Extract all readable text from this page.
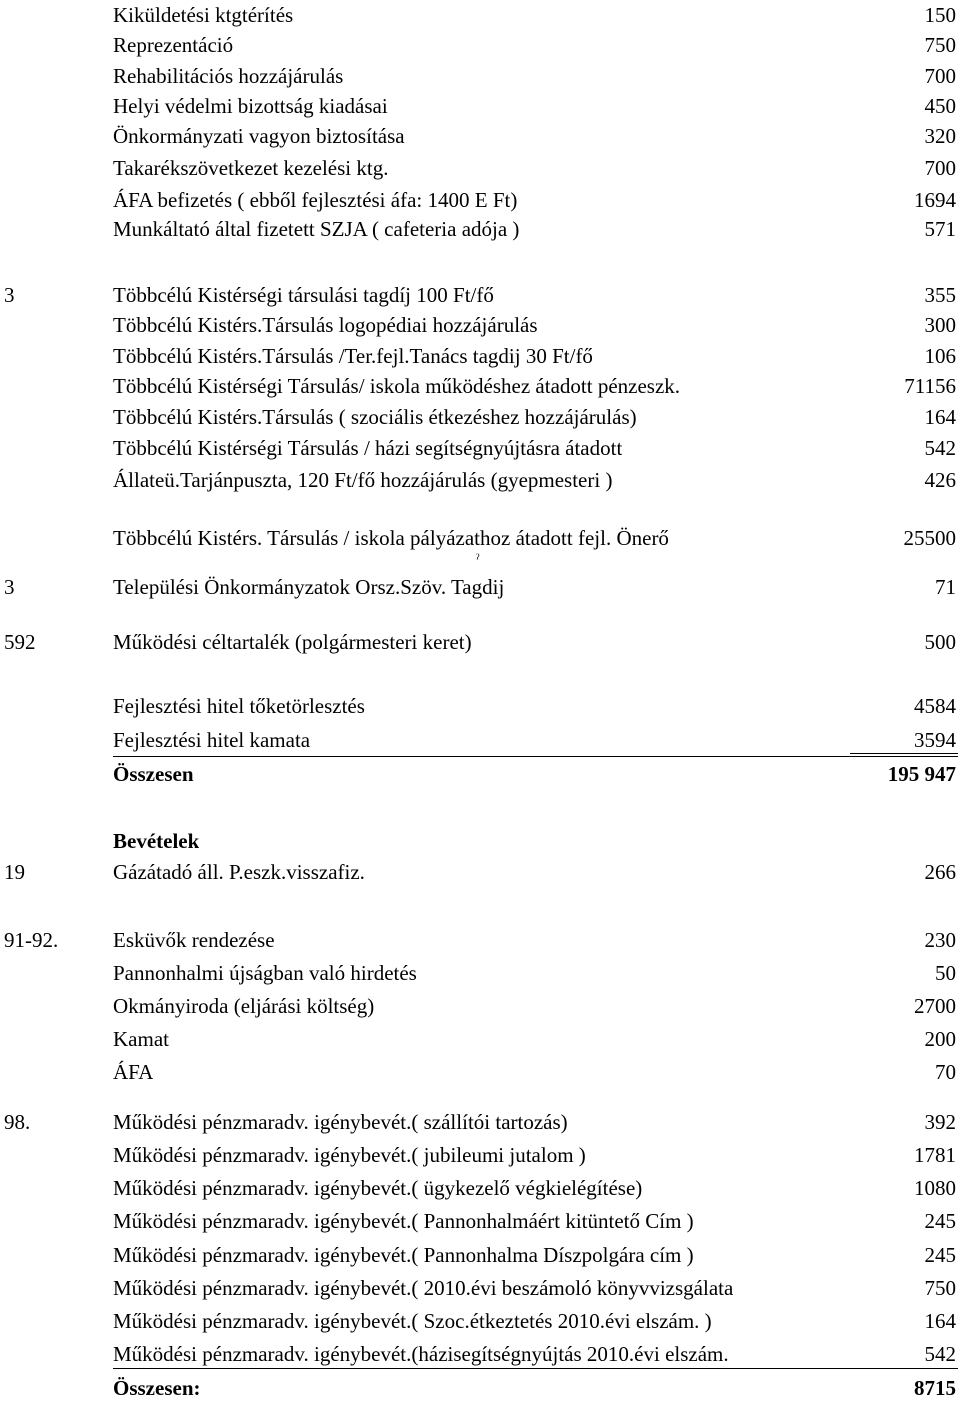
ˀ
Kiküldetési ktgtérítés	150
Reprezentáció	750
Rehabilitációs hozzájárulás	700
Helyi védelmi bizottság kiadásai	450
Önkormányzati vagyon biztosítása	320
Takarékszövetkezet kezelési ktg.	700
ÁFA befizetés ( ebből fejlesztési áfa: 1400 E Ft)	1694
Munkáltató által fizetett SZJA ( cafeteria adója )	571
3	Többcélú Kistérségi társulási tagdíj 100 Ft/fő	355
Többcélú Kistérs.Társulás logopédiai hozzájárulás	300
Többcélú Kistérs.Társulás /Ter.fejl.Tanács tagdij 30 Ft/fő	106
Többcélú Kistérségi Társulás/ iskola működéshez átadott pénzeszk.	71156
Többcélú Kistérs.Társulás ( szociális étkezéshez hozzájárulás)	164
Többcélú Kistérségi Társulás / házi segítségnyújtásra átadott	542
Állateü.Tarjánpuszta, 120 Ft/fő hozzájárulás (gyepmesteri )	426
Többcélú Kistérs. Társulás / iskola pályázathoz átadott fejl. Önerő	25500
3	Települési Önkormányzatok Orsz.Szöv. Tagdij	71
592	Működési céltartalék (polgármesteri keret)	500
Fejlesztési hitel tőketörlesztés	4584
Fejlesztési hitel kamata	3594
Összesen	195 947
Bevételek
19	Gázátadó áll. P.eszk.visszafiz.	266
91-92.	Esküvők rendezése	230
Pannonhalmi újságban való hirdetés	50
Okmányiroda (eljárási költség)	2700
Kamat	200
ÁFA	70
98.	Működési pénzmaradv. igénybevét.( szállítói tartozás)	392
Működési pénzmaradv. igénybevét.( jubileumi jutalom )	1781
Működési pénzmaradv. igénybevét.( ügykezelő végkielégítése)	1080
Működési pénzmaradv. igénybevét.( Pannonhalmáért kitüntető Cím )	245
Működési pénzmaradv. igénybevét.( Pannonhalma Díszpolgára cím )	245
Működési pénzmaradv. igénybevét.( 2010.évi beszámoló könyvvizsgálata	750
Működési pénzmaradv. igénybevét.( Szoc.étkeztetés 2010.évi elszám. )	164
Működési pénzmaradv. igénybevét.(házisegítségnyújtás 2010.évi elszám.	542
Összesen:	8715
